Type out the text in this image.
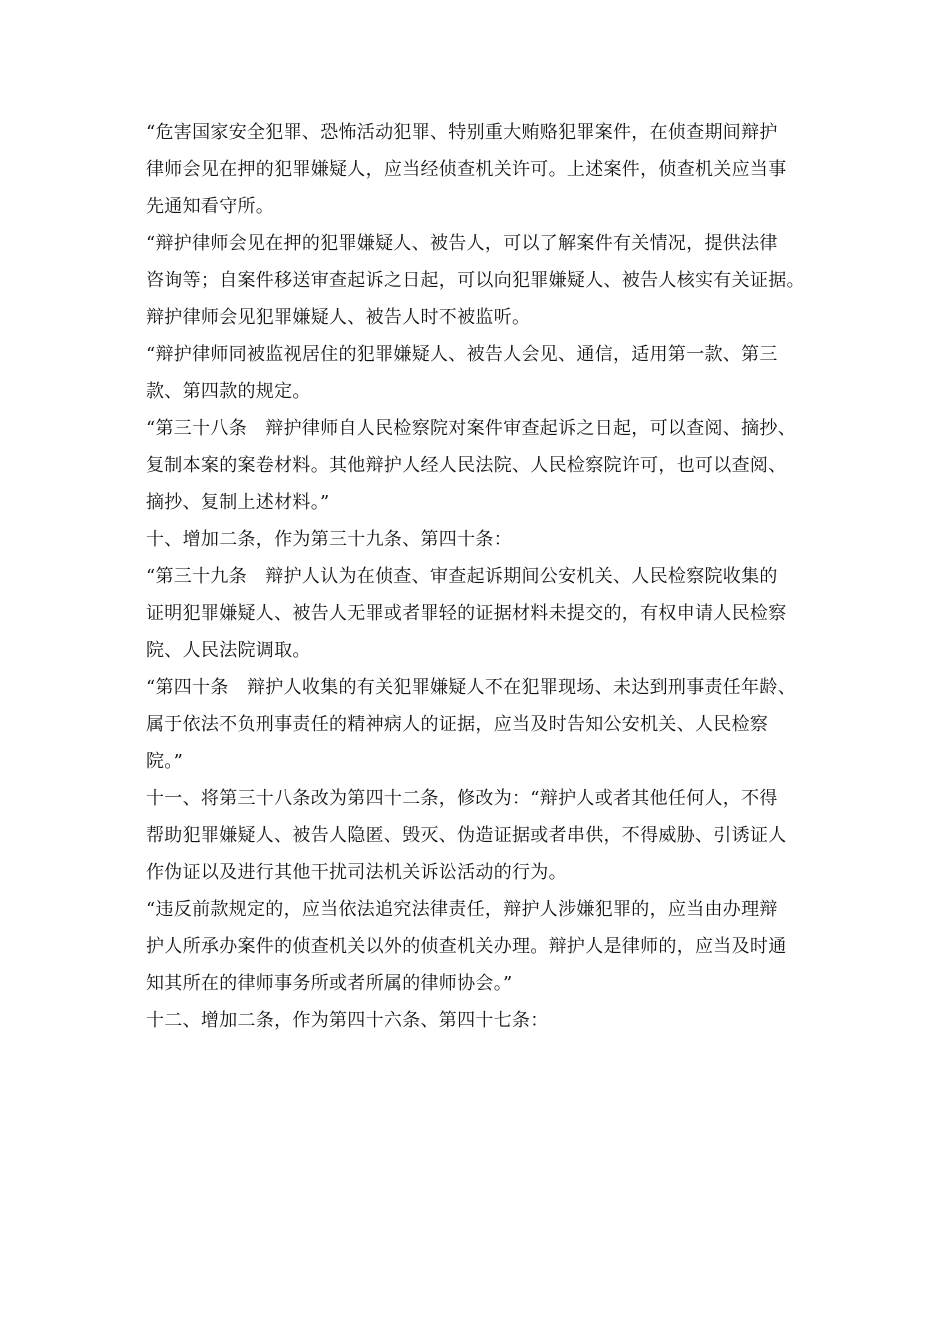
“危害国家安全犯罪、恐怖活动犯罪、特别重大贿赂犯罪案件，在侦查期间辩护
律师会见在押的犯罪嫌疑人，应当经侦查机关许可。上述案件，侦查机关应当事
先通知看守所。
“辩护律师会见在押的犯罪嫌疑人、被告人，可以了解案件有关情况，提供法律
咨询等；自案件移送审查起诉之日起，可以向犯罪嫌疑人、被告人核实有关证据。
辩护律师会见犯罪嫌疑人、被告人时不被监听。
“辩护律师同被监视居住的犯罪嫌疑人、被告人会见、通信，适用第一款、第三
款、第四款的规定。
“第三十八条　辩护律师自人民检察院对案件审查起诉之日起，可以查阅、摘抄、
复制本案的案卷材料。其他辩护人经人民法院、人民检察院许可，也可以查阅、
摘抄、复制上述材料。”
十、增加二条，作为第三十九条、第四十条：
“第三十九条　辩护人认为在侦查、审查起诉期间公安机关、人民检察院收集的
证明犯罪嫌疑人、被告人无罪或者罪轻的证据材料未提交的，有权申请人民检察
院、人民法院调取。
“第四十条　辩护人收集的有关犯罪嫌疑人不在犯罪现场、未达到刑事责任年龄、
属于依法不负刑事责任的精神病人的证据，应当及时告知公安机关、人民检察
院。”
十一、将第三十八条改为第四十二条，修改为：“辩护人或者其他任何人，不得
帮助犯罪嫌疑人、被告人隐匿、毁灭、伪造证据或者串供，不得威胁、引诱证人
作伪证以及进行其他干扰司法机关诉讼活动的行为。
“违反前款规定的，应当依法追究法律责任，辩护人涉嫌犯罪的，应当由办理辩
护人所承办案件的侦查机关以外的侦查机关办理。辩护人是律师的，应当及时通
知其所在的律师事务所或者所属的律师协会。”
十二、增加二条，作为第四十六条、第四十七条：
